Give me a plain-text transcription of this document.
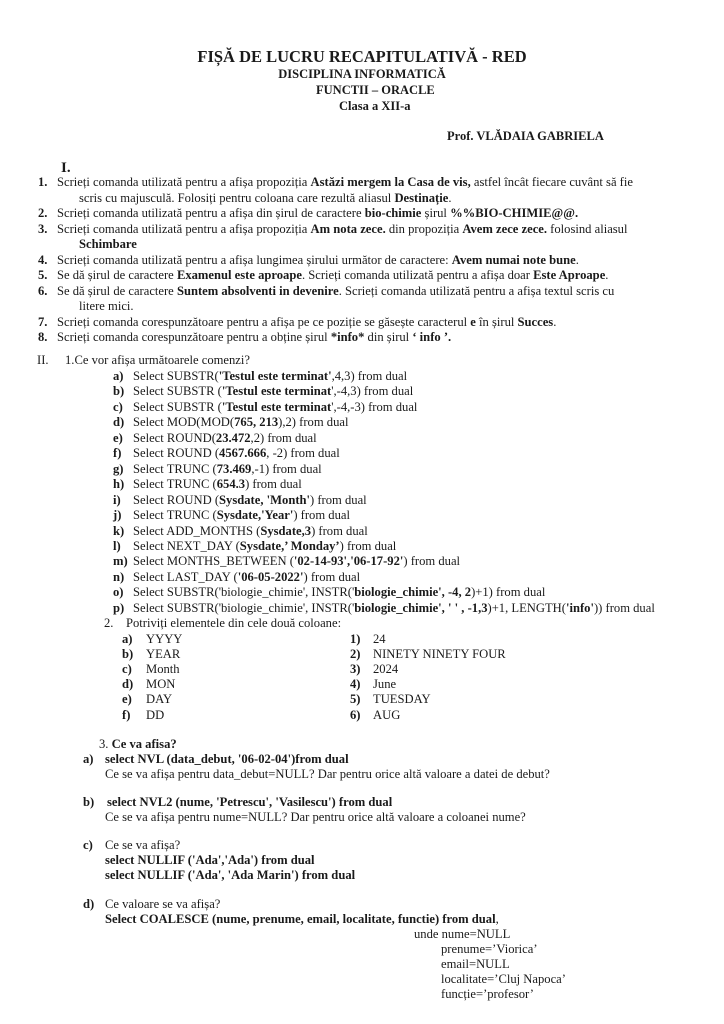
FIȘĂ DE LUCRU RECAPITULATIVĂ - RED
DISCIPLINA INFORMATICĂ
FUNCTII – ORACLE
Clasa a XII-a
Prof. VLĂDAIA GABRIELA
I.
1. Scrieți comanda utilizată pentru a afișa propoziția Astăzi mergem la Casa de vis, astfel încât fiecare cuvânt să fie
scris cu majusculă. Folosiți pentru coloana care rezultă aliasul Destinație.
2. Scrieți comanda utilizată pentru a afișa din șirul de caractere bio-chimie șirul %%BIO-CHIMIE@@.
3. Scrieți comanda utilizată pentru a afișa propoziția Am nota zece. din propoziția Avem zece zece. folosind aliasul
Schimbare
4. Scrieți comanda utilizată pentru a afișa lungimea șirului următor de caractere: Avem numai note bune.
5. Se dă șirul de caractere Examenul este aproape. Scrieți comanda utilizată pentru a afișa doar Este Aproape.
6. Se dă șirul de caractere Suntem absolventi in devenire. Scrieți comanda utilizată pentru a afișa textul scris cu
litere mici.
7. Scrieți comanda corespunzătoare pentru a afișa pe ce poziție se găsește caracterul e în șirul Succes.
8. Scrieți comanda corespunzătoare pentru a obține șirul *info* din șirul ‘ info ’.
II. 1.Ce vor afișa următoarele comenzi?
a) Select SUBSTR('Testul este terminat',4,3) from dual
b) Select SUBSTR ('Testul este terminat',-4,3) from dual
c) Select SUBSTR ('Testul este terminat',-4,-3) from dual
d) Select MOD(MOD(765, 213),2) from dual
e) Select ROUND(23.472,2) from dual
f) Select ROUND (4567.666, -2) from dual
g) Select TRUNC (73.469,-1) from dual
h) Select TRUNC (654.3) from dual
i) Select ROUND (Sysdate, 'Month') from dual
j) Select TRUNC (Sysdate,'Year') from dual
k) Select ADD_MONTHS (Sysdate,3) from dual
l) Select NEXT_DAY (Sysdate,’ Monday’) from dual
m) Select MONTHS_BETWEEN ('02-14-93','06-17-92') from dual
n) Select LAST_DAY ('06-05-2022') from dual
o) Select SUBSTR('biologie_chimie', INSTR('biologie_chimie', -4, 2)+1) from dual
p) Select SUBSTR('biologie_chimie', INSTR('biologie_chimie', ' ' , -1,3)+1, LENGTH('info')) from dual
2. Potriviți elementele din cele două coloane:
a) YYYY
b) YEAR
c) Month
d) MON
e) DAY
f) DD
1) 24
2) NINETY NINETY FOUR
3) 2024
4) June
5) TUESDAY
6) AUG
3. Ce va afisa?
a) select NVL (data_debut, '06-02-04')from dual
Ce se va afișa pentru data_debut=NULL? Dar pentru orice altă valoare a datei de debut?
b) select NVL2 (nume, 'Petrescu', 'Vasilescu') from dual
Ce se va afișa pentru nume=NULL? Dar pentru orice altă valoare a coloanei nume?
c) Ce se va afișa?
select NULLIF ('Ada','Ada') from dual
select NULLIF ('Ada', 'Ada Marin') from dual
d) Ce valoare se va afișa?
Select COALESCE (nume, prenume, email, localitate, functie) from dual,
unde nume=NULL
prenume=’Viorica’
email=NULL
localitate=’Cluj Napoca’
funcție=’profesor’
